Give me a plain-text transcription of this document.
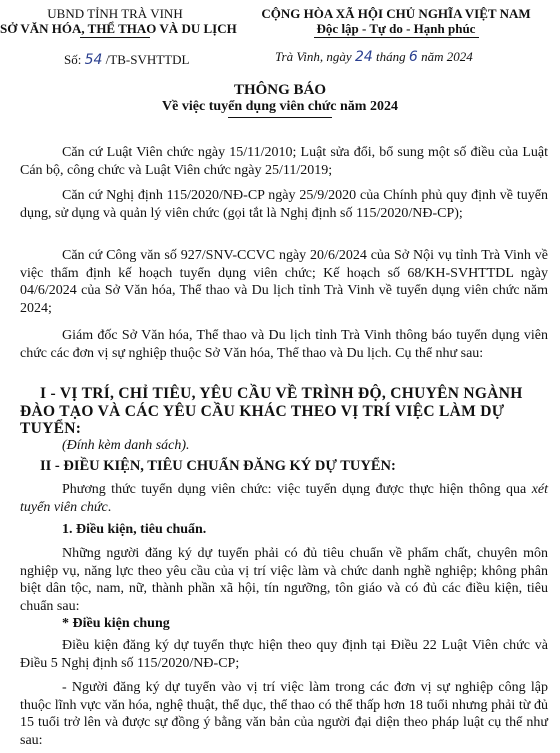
UBND TỈNH TRÀ VINH
SỞ VĂN HÓA, THỂ THAO VÀ DU LỊCH
CỘNG HÒA XÃ HỘI CHỦ NGHĨA VIỆT NAM
Độc lập - Tự do - Hạnh phúc
Số: 54 /TB-SVHTTDL	Trà Vinh, ngày 24 tháng 6 năm 2024
THÔNG BÁO
Về việc tuyển dụng viên chức năm 2024
Căn cứ Luật Viên chức ngày 15/11/2010; Luật sửa đổi, bổ sung một số điều của Luật Cán bộ, công chức và Luật Viên chức ngày 25/11/2019;
Căn cứ Nghị định 115/2020/NĐ-CP ngày 25/9/2020 của Chính phủ quy định về tuyển dụng, sử dụng và quản lý viên chức (gọi tắt là Nghị định số 115/2020/NĐ-CP);
Căn cứ Công văn số 927/SNV-CCVC ngày 20/6/2024 của Sở Nội vụ tỉnh Trà Vinh về việc thẩm định kế hoạch tuyển dụng viên chức; Kế hoạch số 68/KH-SVHTTDL ngày 04/6/2024 của Sở Văn hóa, Thể thao và Du lịch tỉnh Trà Vinh về tuyển dụng viên chức năm 2024;
Giám đốc Sở Văn hóa, Thể thao và Du lịch tỉnh Trà Vinh thông báo tuyển dụng viên chức các đơn vị sự nghiệp thuộc Sở Văn hóa, Thể thao và Du lịch. Cụ thể như sau:
I - VỊ TRÍ, CHỈ TIÊU, YÊU CẦU VỀ TRÌNH ĐỘ, CHUYÊN NGÀNH ĐÀO TẠO VÀ CÁC YÊU CẦU KHÁC THEO VỊ TRÍ VIỆC LÀM DỰ TUYỂN:
(Đính kèm danh sách).
II - ĐIỀU KIỆN, TIÊU CHUẨN ĐĂNG KÝ DỰ TUYỂN:
Phương thức tuyển dụng viên chức: việc tuyển dụng được thực hiện thông qua xét tuyển viên chức.
1. Điều kiện, tiêu chuẩn.
Những người đăng ký dự tuyển phải có đủ tiêu chuẩn về phẩm chất, chuyên môn nghiệp vụ, năng lực theo yêu cầu của vị trí việc làm và chức danh nghề nghiệp; không phân biệt dân tộc, nam, nữ, thành phần xã hội, tín ngưỡng, tôn giáo và có đủ các điều kiện, tiêu chuẩn sau:
* Điều kiện chung
Điều kiện đăng ký dự tuyển thực hiện theo quy định tại Điều 22 Luật Viên chức và Điều 5 Nghị định số 115/2020/NĐ-CP;
- Người đăng ký dự tuyển vào vị trí việc làm trong các đơn vị sự nghiệp công lập thuộc lĩnh vực văn hóa, nghệ thuật, thể dục, thể thao có thể thấp hơn 18 tuổi nhưng phải từ đủ 15 tuổi trở lên và được sự đồng ý bằng văn bản của người đại diện theo pháp luật cụ thể như sau:
